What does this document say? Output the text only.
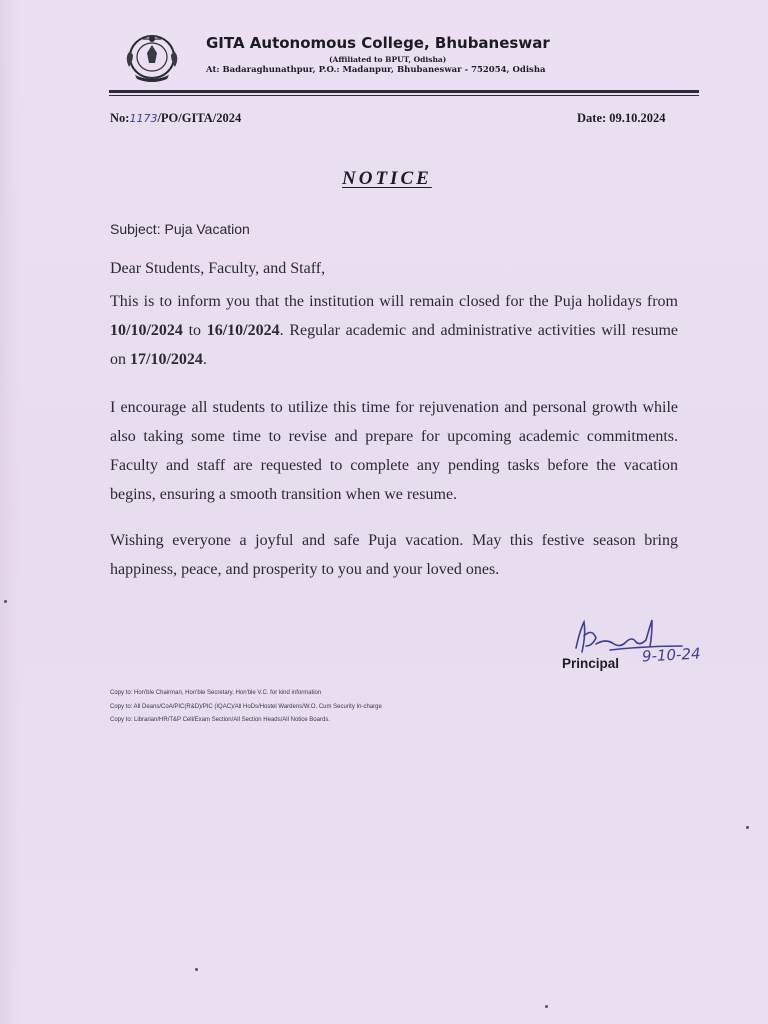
GITA Autonomous College, Bhubaneswar
(Affiliated to BPUT, Odisha)
At: Badaraghunathpur, P.O.: Madanpur, Bhubaneswar - 752054, Odisha
No:1173/PO/GITA/2024	Date: 09.10.2024
NOTICE
Subject: Puja Vacation
Dear Students, Faculty, and Staff,
This is to inform you that the institution will remain closed for the Puja holidays from 10/10/2024 to 16/10/2024. Regular academic and administrative activities will resume on 17/10/2024.
I encourage all students to utilize this time for rejuvenation and personal growth while also taking some time to revise and prepare for upcoming academic commitments. Faculty and staff are requested to complete any pending tasks before the vacation begins, ensuring a smooth transition when we resume.
Wishing everyone a joyful and safe Puja vacation. May this festive season bring happiness, peace, and prosperity to you and your loved ones.
9-10-24
Principal
Copy to: Hon'ble Chairman, Hon'ble Secretary, Hon'ble V.C. for kind information
Copy to: All Deans/CoA/PIC(R&D)/PIC (IQAC)/All HoDs/Hostel Wardens/W.O. Cum Security In-charge
Copy to: Librarian/HR/T&P Cell/Exam Section/All Section Heads/All Notice Boards.
